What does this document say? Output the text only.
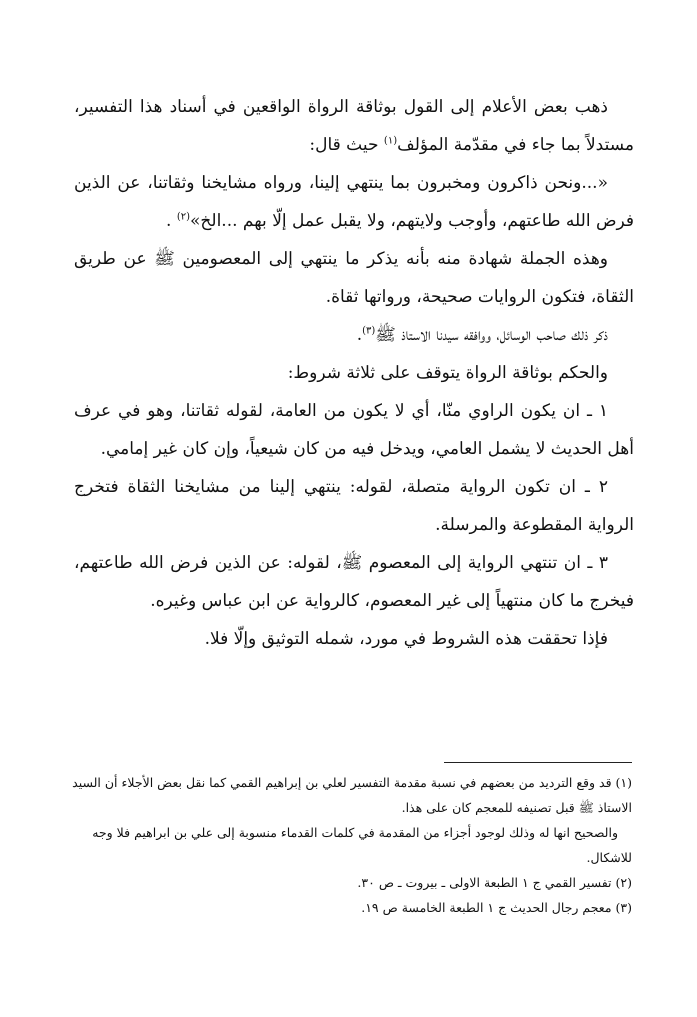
ذهب بعض الأعلام إلى القول بوثاقة الرواة الواقعين في أسناد هذا التفسير، مستدلاً بما جاء في مقدّمة المؤلف$^{(١)}$ حيث قال:

«...ونحن ذاكرون ومخبرون بما ينتهي إلينا، ورواه مشايخنا وثقاتنا، عن الذين فرض الله طاعتهم، وأوجب ولايتهم، ولا يقبل عمل إلّا بهم ...الخ»$^{(٢)}$ .

وهذه الجملة شهادة منه بأنه يذكر ما ينتهي إلى المعصومين ﷺ عن طريق الثقاة، فتكون الروايات صحيحة، ورواتها ثقاة.

ذكر ذلك صاحب الوسائل، ووافقه سيدنا الاستاذ ﷺ$^{(٣)}$.

والحكم بوثاقة الرواة يتوقف على ثلاثة شروط:

١ ـ ان يكون الراوي منّا، أي لا يكون من العامة، لقوله ثقاتنا، وهو في عرف أهل الحديث لا يشمل العامي، ويدخل فيه من كان شيعياً، وإن كان غير إمامي.

٢ ـ ان تكون الرواية متصلة، لقوله: ينتهي إلينا من مشايخنا الثقاة فتخرج الرواية المقطوعة والمرسلة.

٣ ـ ان تنتهي الرواية إلى المعصوم ﷺ، لقوله: عن الذين فرض الله طاعتهم، فيخرج ما كان منتهياً إلى غير المعصوم، كالرواية عن ابن عباس وغيره.

فإذا تحققت هذه الشروط في مورد، شمله التوثيق وإلّا فلا.

(١) قد وقع الترديد من بعضهم في نسبة مقدمة التفسير لعلي بن إبراهيم القمي كما نقل بعض الأجلاء أن السيد الاستاذ ﷺ قبل تصنيفه للمعجم كان على هذا.

والصحيح انها له وذلك لوجود أجزاء من المقدمة في كلمات القدماء منسوبة إلى علي بن ابراهيم فلا وجه للاشكال.

(٢) تفسير القمي ج ١ الطبعة الاولى ـ بيروت ـ ص ٣٠.

(٣) معجم رجال الحديث ج ١ الطبعة الخامسة ص ١٩.
